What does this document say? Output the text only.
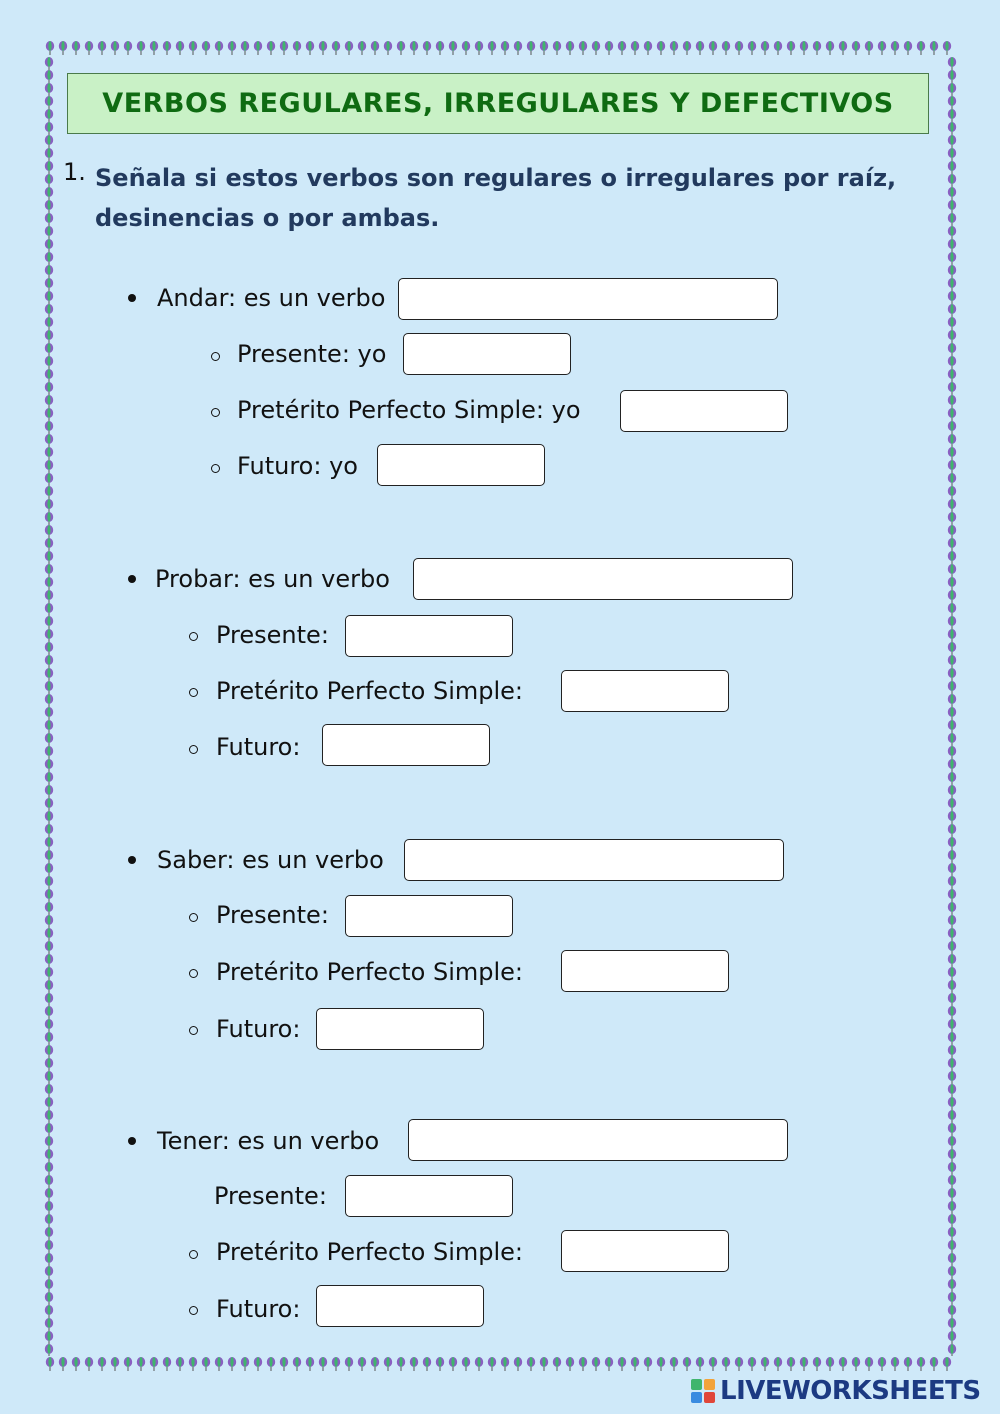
VERBOS REGULARES, IRREGULARES Y DEFECTIVOS
1. Señala si estos verbos son regulares o irregulares por raíz, desinencias o por ambas.
Andar: es un verbo
Presente: yo
Pretérito Perfecto Simple: yo
Futuro: yo
Probar: es un verbo
Presente:
Pretérito Perfecto Simple:
Futuro:
Saber: es un verbo
Presente:
Pretérito Perfecto Simple:
Futuro:
Tener: es un verbo
Presente:
Pretérito Perfecto Simple:
Futuro:
LIVEWORKSHEETS
